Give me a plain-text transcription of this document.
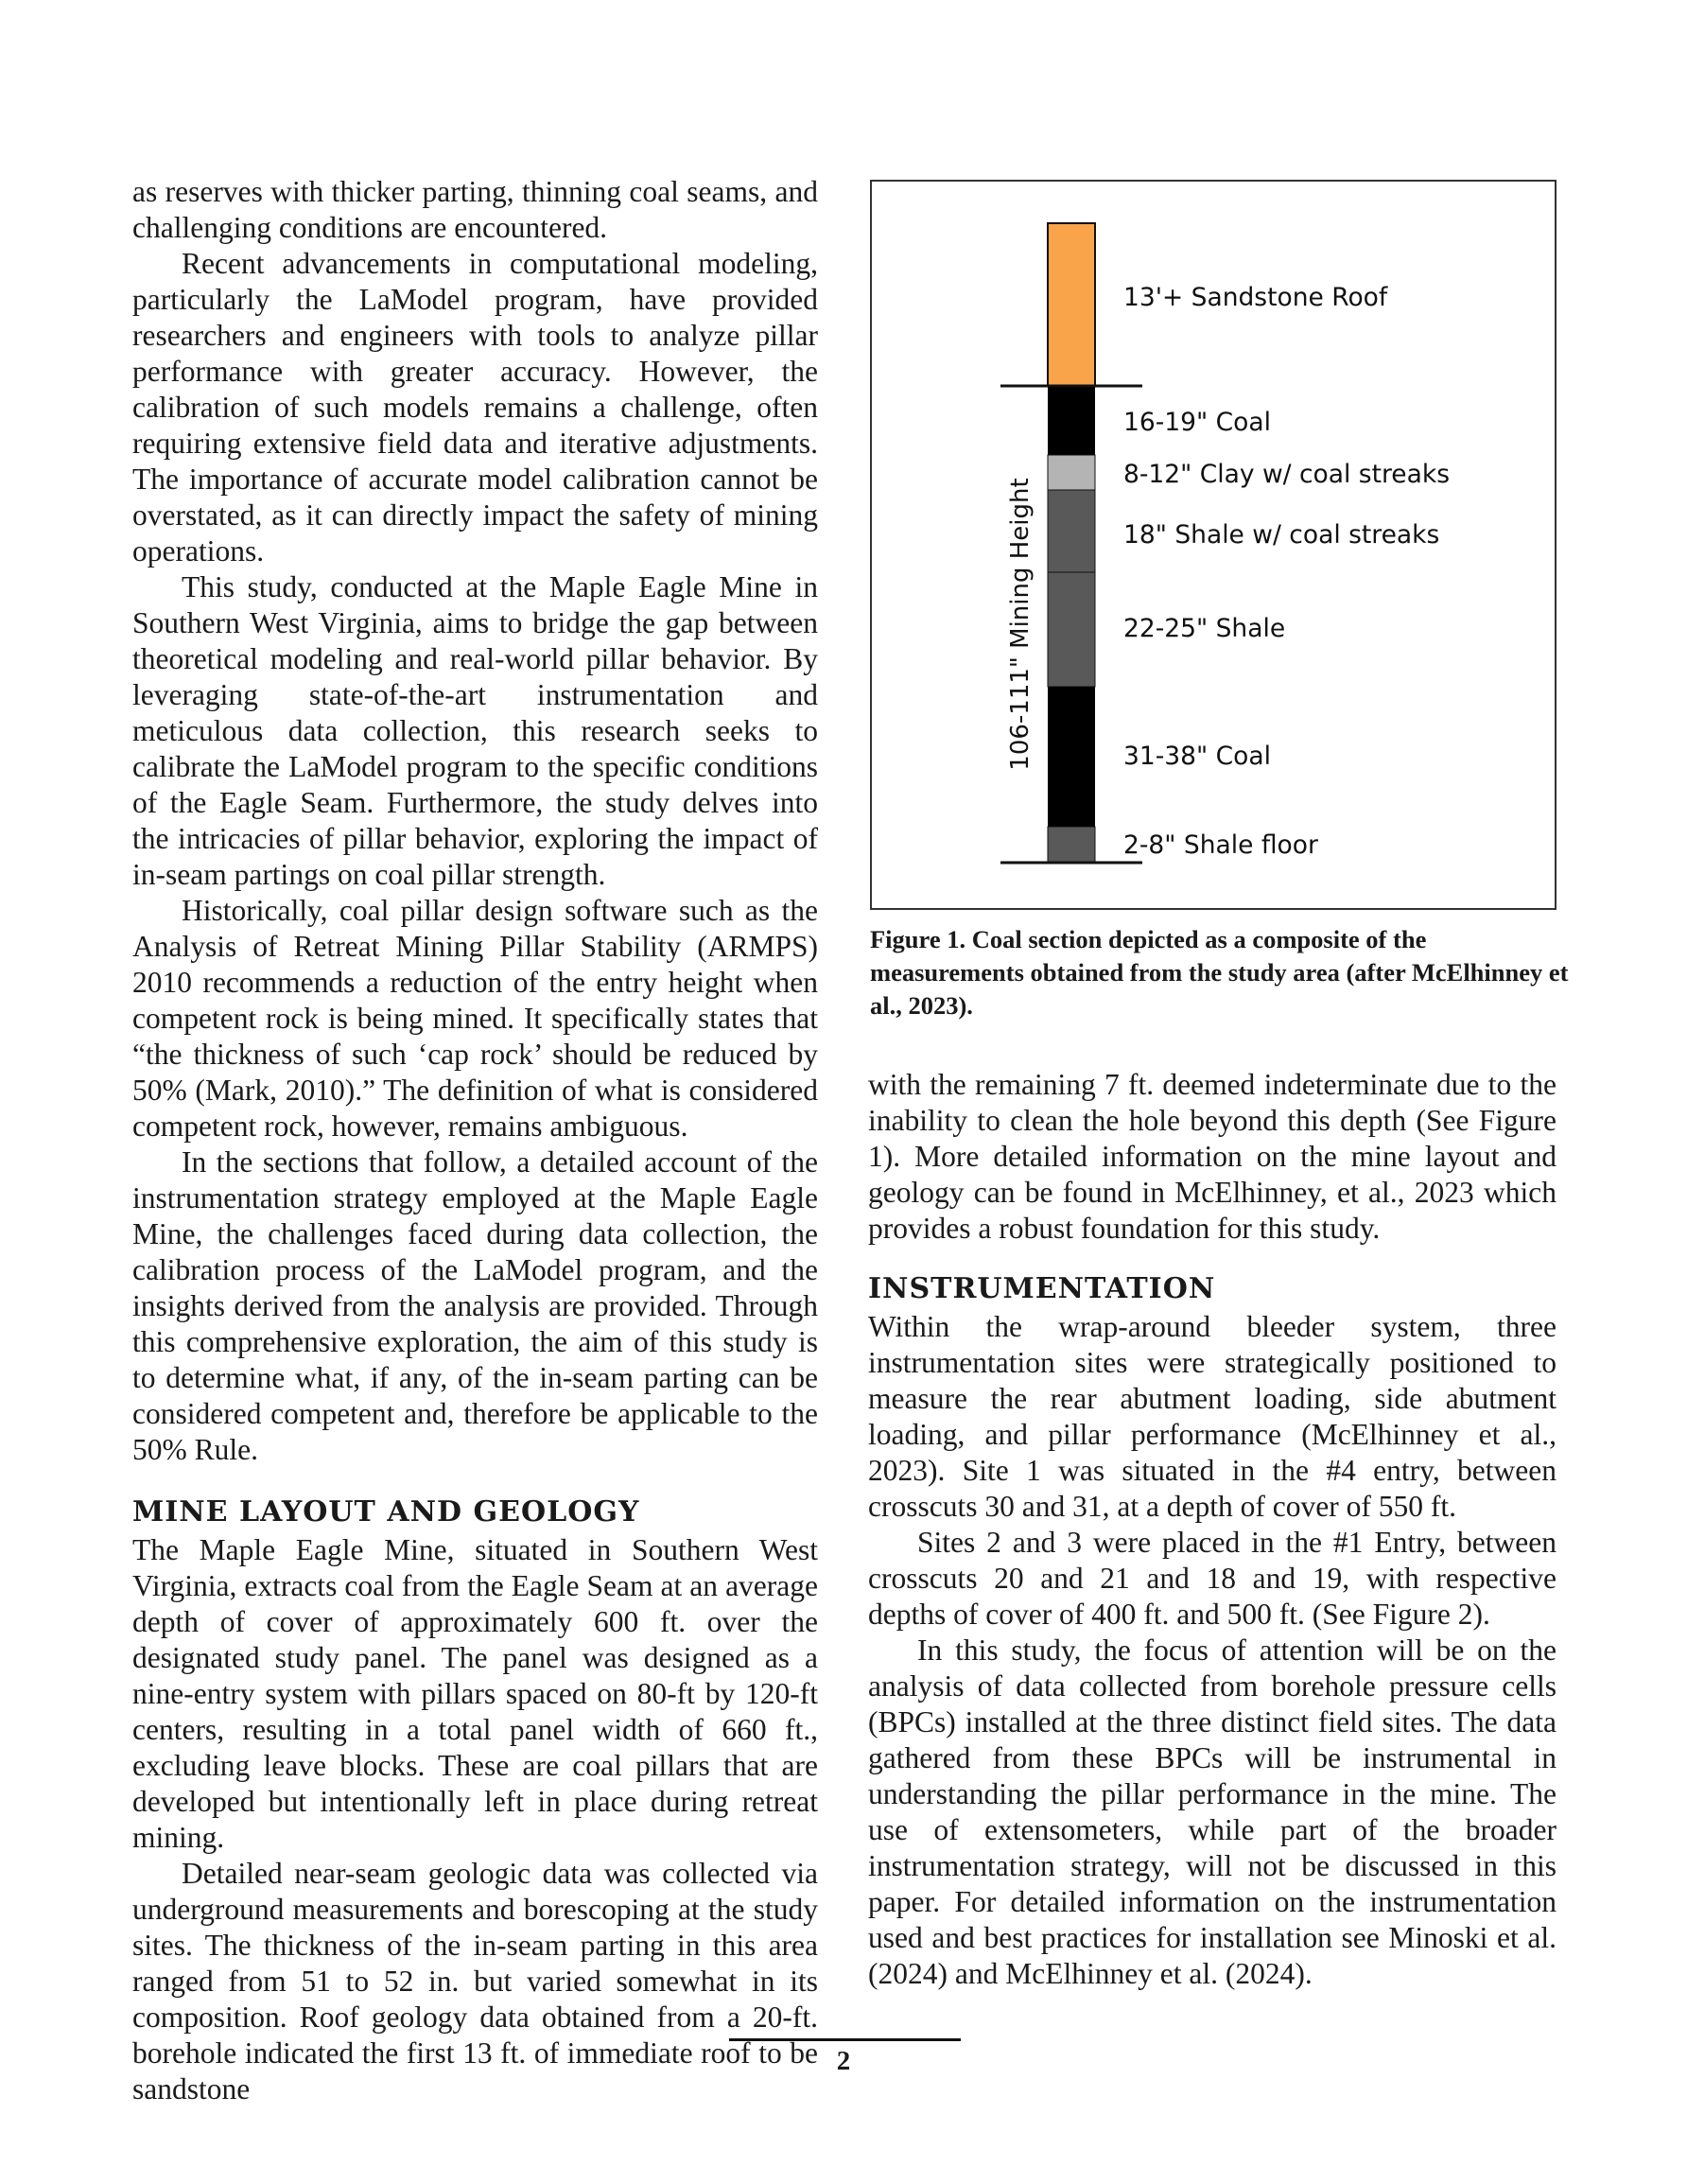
as reserves with thicker parting, thinning coal seams, and challenging conditions are encountered.

Recent advancements in computational modeling, particularly the LaModel program, have provided researchers and engineers with tools to analyze pillar performance with greater accuracy. However, the calibration of such models remains a challenge, often requiring extensive field data and iterative adjustments. The importance of accurate model calibration cannot be overstated, as it can directly impact the safety of mining operations.

This study, conducted at the Maple Eagle Mine in Southern West Virginia, aims to bridge the gap between theoretical modeling and real-world pillar behavior. By leveraging state-of-the-art instrumentation and meticulous data collection, this research seeks to calibrate the LaModel program to the specific conditions of the Eagle Seam. Furthermore, the study delves into the intricacies of pillar behavior, exploring the impact of in-seam partings on coal pillar strength.

Historically, coal pillar design software such as the Analysis of Retreat Mining Pillar Stability (ARMPS) 2010 recommends a reduction of the entry height when competent rock is being mined. It specifically states that “the thickness of such ‘cap rock’ should be reduced by 50% (Mark, 2010).” The definition of what is considered competent rock, however, remains ambiguous.

In the sections that follow, a detailed account of the instrumentation strategy employed at the Maple Eagle Mine, the challenges faced during data collection, the calibration process of the LaModel program, and the insights derived from the analysis are provided. Through this comprehensive exploration, the aim of this study is to determine what, if any, of the in-seam parting can be considered competent and, therefore be applicable to the 50% Rule.

MINE LAYOUT AND GEOLOGY

The Maple Eagle Mine, situated in Southern West Virginia, extracts coal from the Eagle Seam at an average depth of cover of approximately 600 ft. over the designated study panel. The panel was designed as a nine-entry system with pillars spaced on 80-ft by 120-ft centers, resulting in a total panel width of 660 ft., excluding leave blocks. These are coal pillars that are developed but intentionally left in place during retreat mining.

Detailed near-seam geologic data was collected via underground measurements and borescoping at the study sites. The thickness of the in-seam parting in this area ranged from 51 to 52 in. but varied somewhat in its composition. Roof geology data obtained from a 20-ft. borehole indicated the first 13 ft. of immediate roof to be sandstone

13'+ Sandstone Roof
16-19" Coal
8-12" Clay w/ coal streaks
18" Shale w/ coal streaks
22-25" Shale
31-38" Coal
2-8" Shale floor
106-111" Mining Height

Figure 1. Coal section depicted as a composite of the measurements obtained from the study area (after McElhinney et al., 2023).

with the remaining 7 ft. deemed indeterminate due to the inability to clean the hole beyond this depth (See Figure 1). More detailed information on the mine layout and geology can be found in McElhinney, et al., 2023 which provides a robust foundation for this study.

INSTRUMENTATION

Within the wrap-around bleeder system, three instrumentation sites were strategically positioned to measure the rear abutment loading, side abutment loading, and pillar performance (McElhinney et al., 2023). Site 1 was situated in the #4 entry, between crosscuts 30 and 31, at a depth of cover of 550 ft.

Sites 2 and 3 were placed in the #1 Entry, between crosscuts 20 and 21 and 18 and 19, with respective depths of cover of 400 ft. and 500 ft. (See Figure 2).

In this study, the focus of attention will be on the analysis of data collected from borehole pressure cells (BPCs) installed at the three distinct field sites. The data gathered from these BPCs will be instrumental in understanding the pillar performance in the mine. The use of extensometers, while part of the broader instrumentation strategy, will not be discussed in this paper. For detailed information on the instrumentation used and best practices for installation see Minoski et al. (2024) and McElhinney et al. (2024).

2
